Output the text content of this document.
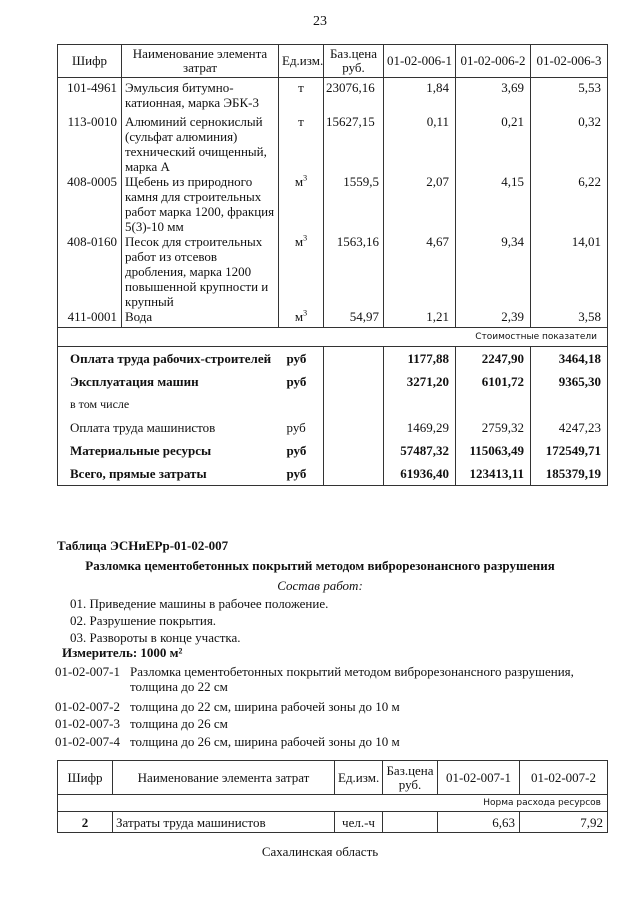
23
Шифр	Наименование элемента затрат	Ед.изм.	Баз.цена руб.	01-02-006-1	01-02-006-2	01-02-006-3
101-4961	Эмульсия битумно-катионная, марка ЭБК-3	т	23076,16	1,84	3,69	5,53
113-0010	Алюминий сернокислый (сульфат алюминия) технический очищенный, марка А	т	15627,15	0,11	0,21	0,32
408-0005	Щебень из природного камня для строительных работ марка 1200, фракция 5(3)-10 мм	$м^3$	1559,5	2,07	4,15	6,22
408-0160	Песок для строительных работ из отсевов дробления, марка 1200 повышенной крупности и крупный	$м^3$	1563,16	4,67	9,34	14,01
411-0001	Вода	$м^3$	54,97	1,21	2,39	3,58
Стоимостные показатели						
Оплата труда рабочих-строителей		руб		1177,88	2247,90	3464,18
Эксплуатация машин		руб		3271,20	6101,72	9365,30
в том числе						
Оплата труда машинистов		руб		1469,29	2759,32	4247,23
Материальные ресурсы		руб		57487,32	115063,49	172549,71
Всего, прямые затраты		руб		61936,40	123413,11	185379,19
Таблица ЭСНиЕРр-01-02-007
Разломка цементобетонных покрытий методом виброрезонансного разрушения
Состав работ:
01. Приведение машины в рабочее положение.
02. Разрушение покрытия.
03. Развороты в конце участка.
Измеритель: 1000 м²
01-02-007-1 Разломка цементобетонных покрытий методом виброрезонансного разрушения, толщина до 22 см
01-02-007-2 толщина до 22 см, ширина рабочей зоны до 10 м
01-02-007-3 толщина до 26 см
01-02-007-4 толщина до 26 см, ширина рабочей зоны до 10 м
Шифр	Наименование элемента затрат	Ед.изм.	Баз.цена руб.	01-02-007-1	01-02-007-2
Норма расхода ресурсов					
2	Затраты труда машинистов	чел.-ч		6,63	7,92
Сахалинская область
